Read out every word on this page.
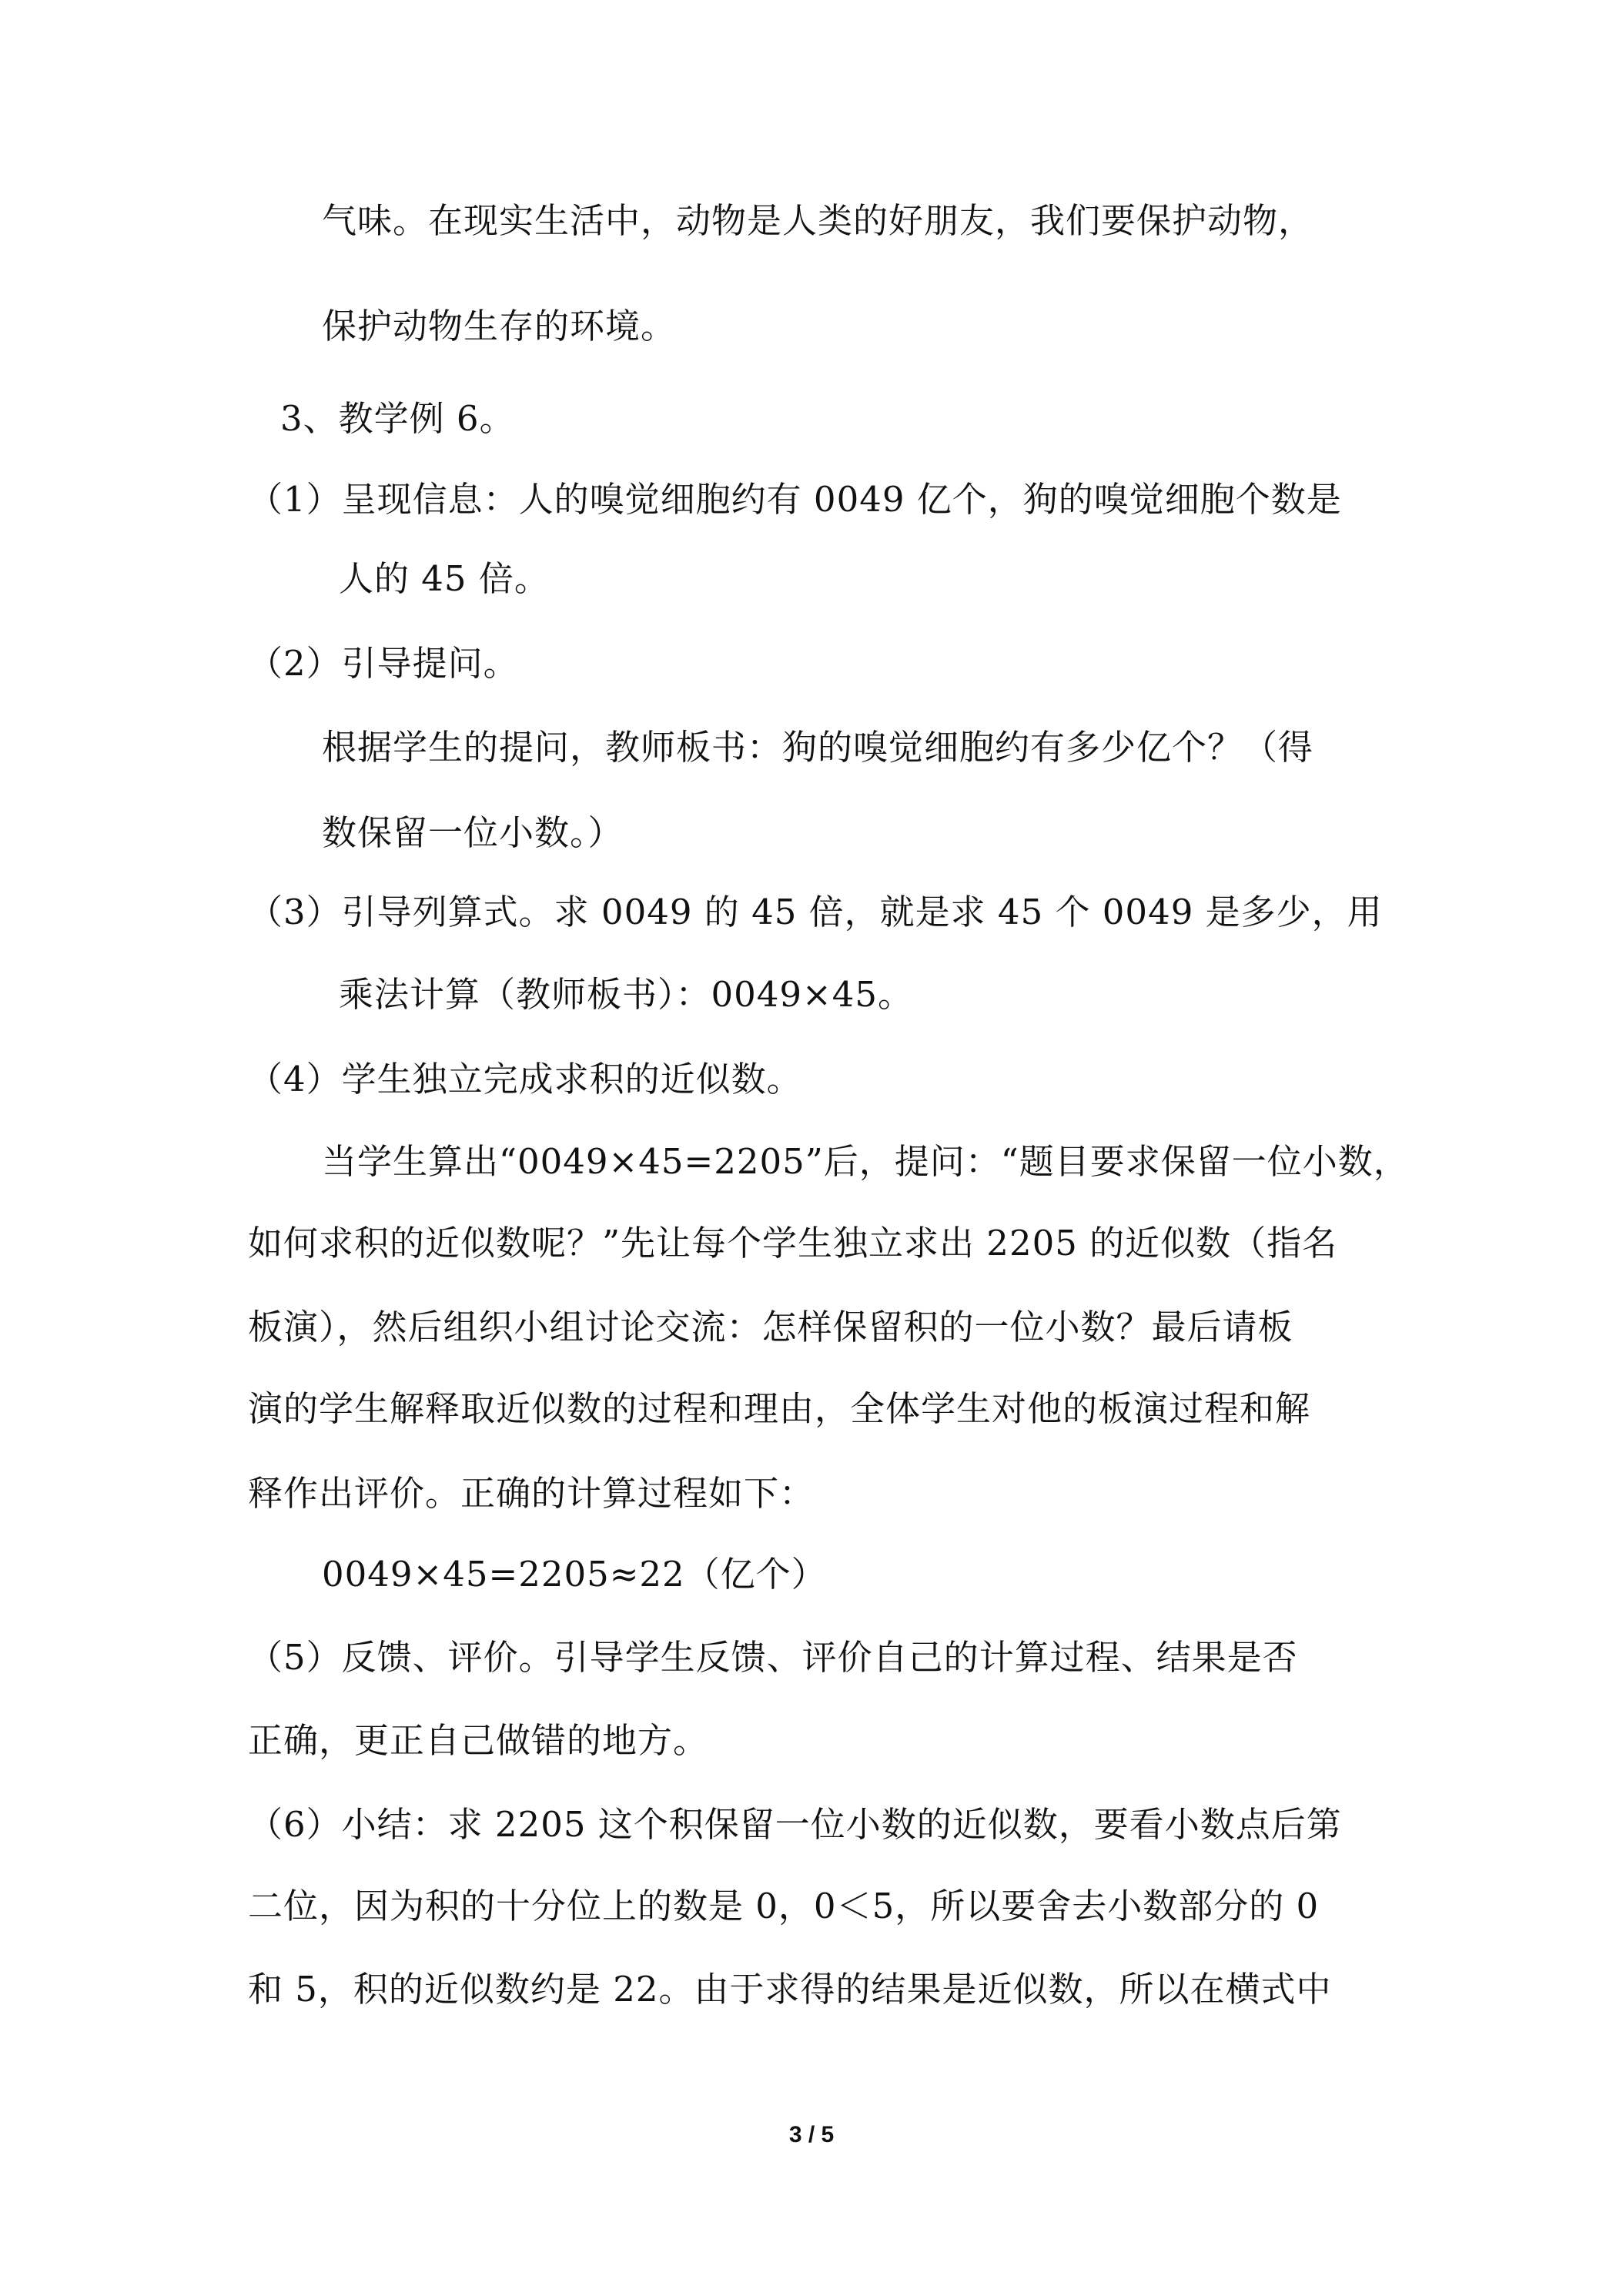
气味。在现实生活中，动物是人类的好朋友，我们要保护动物，
保护动物生存的环境。
3、教学例 6。
（1）呈现信息：人的嗅觉细胞约有 0049 亿个，狗的嗅觉细胞个数是
人的 45 倍。
（2）引导提问。
根据学生的提问，教师板书：狗的嗅觉细胞约有多少亿个？（得
数保留一位小数。）
（3）引导列算式。求 0049 的 45 倍，就是求 45 个 0049 是多少，用
乘法计算（教师板书）：0049×45。
（4）学生独立完成求积的近似数。
当学生算出“0049×45=2205”后，提问：“题目要求保留一位小数，
如何求积的近似数呢？”先让每个学生独立求出 2205 的近似数（指名
板演），然后组织小组讨论交流：怎样保留积的一位小数？最后请板
演的学生解释取近似数的过程和理由，全体学生对他的板演过程和解
释作出评价。正确的计算过程如下：
0049×45=2205≈22（亿个）
（5）反馈、评价。引导学生反馈、评价自己的计算过程、结果是否
正确，更正自己做错的地方。
（6）小结：求 2205 这个积保留一位小数的近似数，要看小数点后第
二位，因为积的十分位上的数是 0，0＜5，所以要舍去小数部分的 0
和 5，积的近似数约是 22。由于求得的结果是近似数，所以在横式中
3 / 5
